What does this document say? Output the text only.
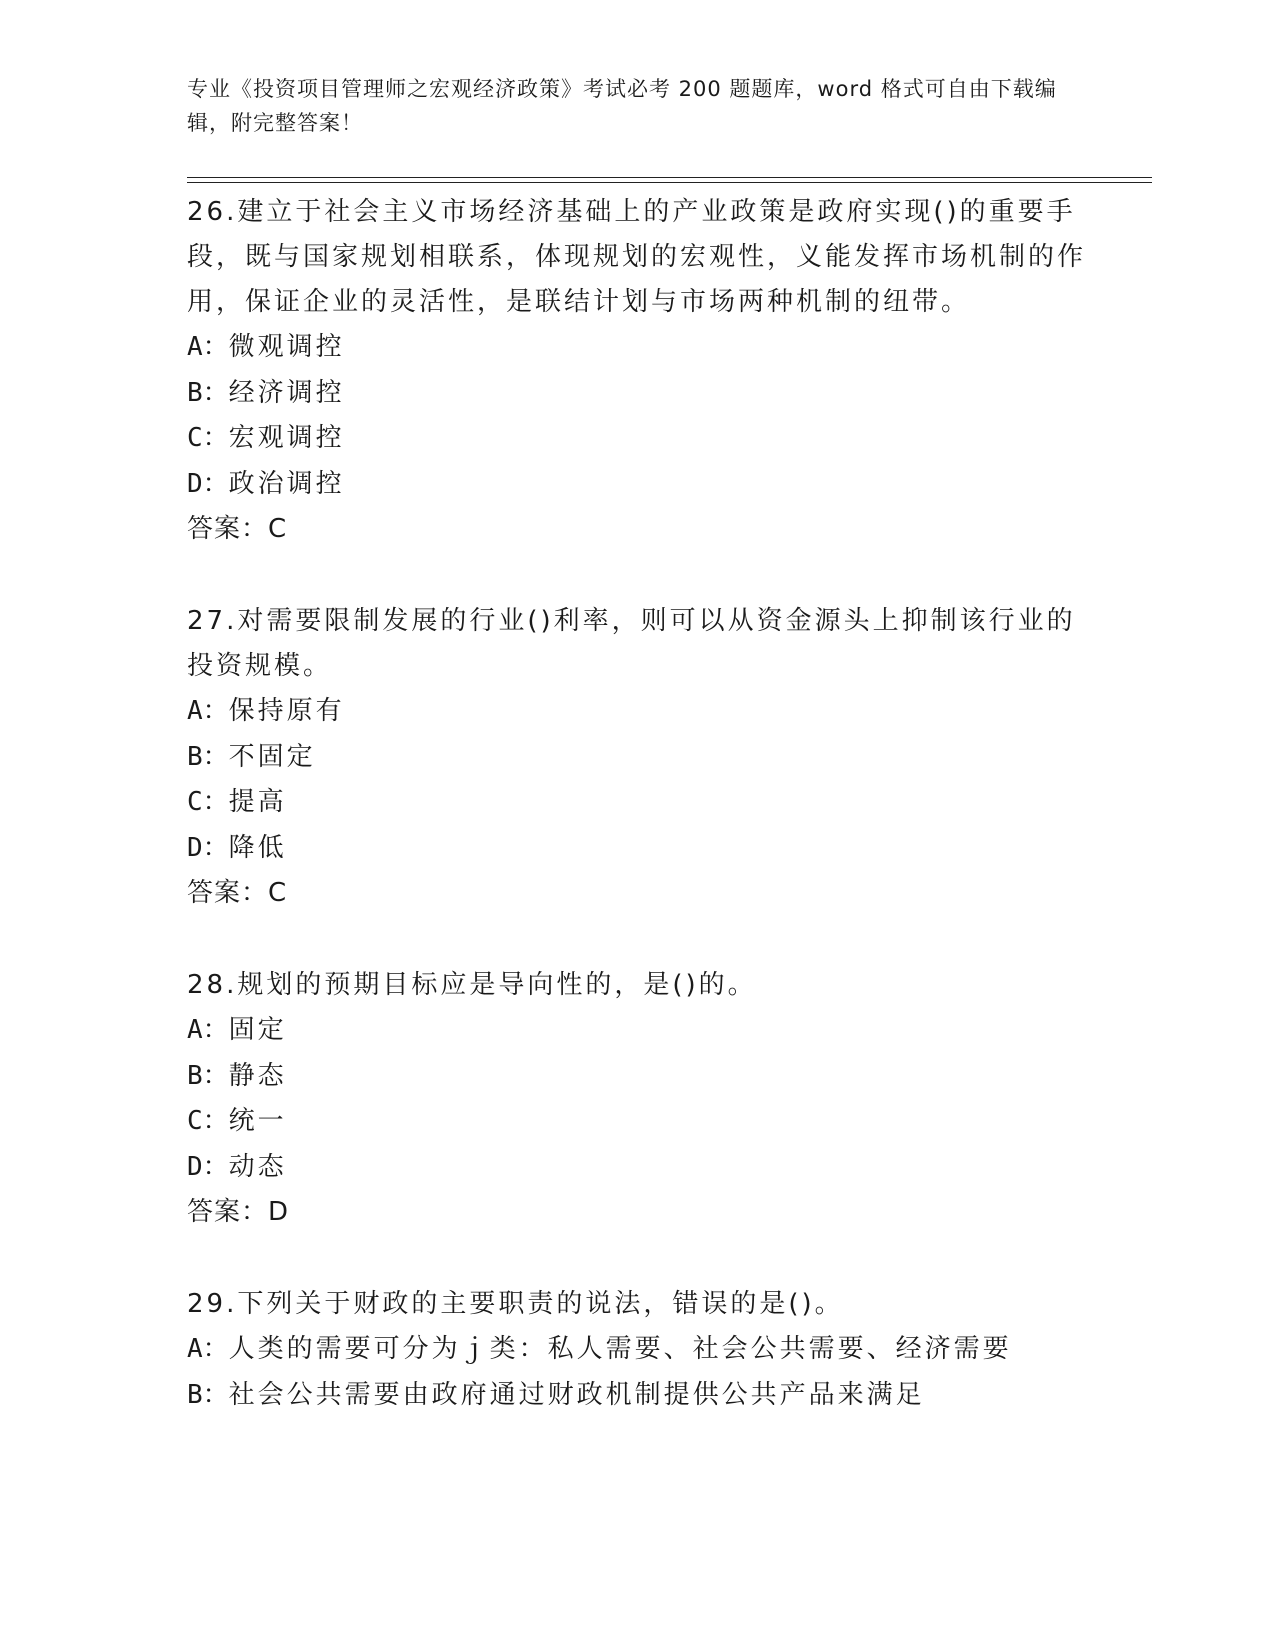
专业《投资项目管理师之宏观经济政策》考试必考 200 题题库，word 格式可自由下载编辑，附完整答案！

26.建立于社会主义市场经济基础上的产业政策是政府实现()的重要手段，既与国家规划相联系，体现规划的宏观性，义能发挥市场机制的作用，保证企业的灵活性，是联结计划与市场两种机制的纽带。

A：微观调控
B：经济调控
C：宏观调控
D：政治调控

答案：C

27.对需要限制发展的行业()利率，则可以从资金源头上抑制该行业的投资规模。

A：保持原有
B：不固定
C：提高
D：降低

答案：C

28.规划的预期目标应是导向性的，是()的。

A：固定
B：静态
C：统一
D：动态

答案：D

29.下列关于财政的主要职责的说法，错误的是()。

A：人类的需要可分为ｊ类：私人需要、社会公共需要、经济需要
B：社会公共需要由政府通过财政机制提供公共产品来满足
